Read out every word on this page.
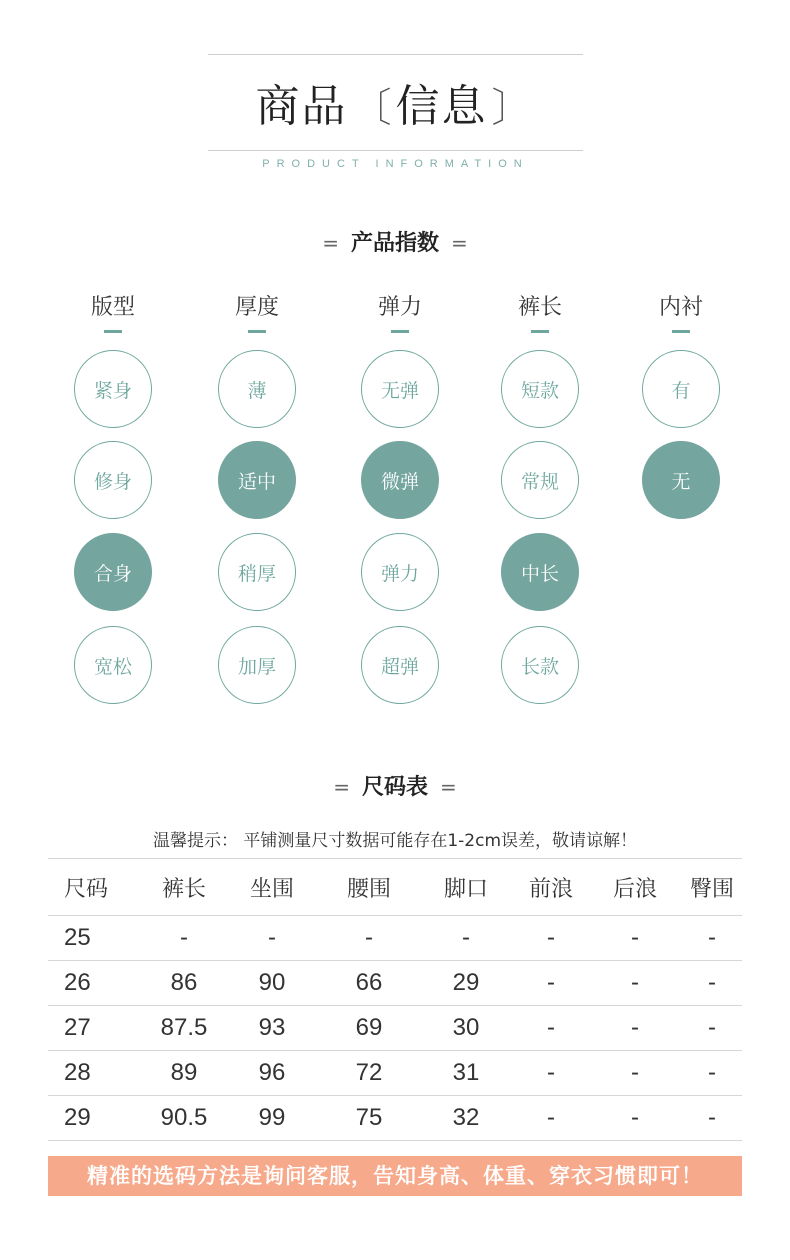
商品 〔信息 〕
PRODUCT INFORMATION
= 产品指数 =
版型
紧身
修身
合身
宽松
厚度
薄
适中
稍厚
加厚
弹力
无弹
微弹
弹力
超弹
裤长
短款
常规
中长
长款
内衬
有
无
= 尺码表 =
温馨提示： 平铺测量尺寸数据可能存在1-2cm误差，敬请谅解！
尺码	裤长	坐围	腰围	脚口	前浪	后浪	臀围
25	-	-	-	-	-	-	-
26	86	90	66	29	-	-	-
27	87.5	93	69	30	-	-	-
28	89	96	72	31	-	-	-
29	90.5	99	75	32	-	-	-
精准的选码方法是询问客服，告知身高、体重、穿衣习惯即可！
